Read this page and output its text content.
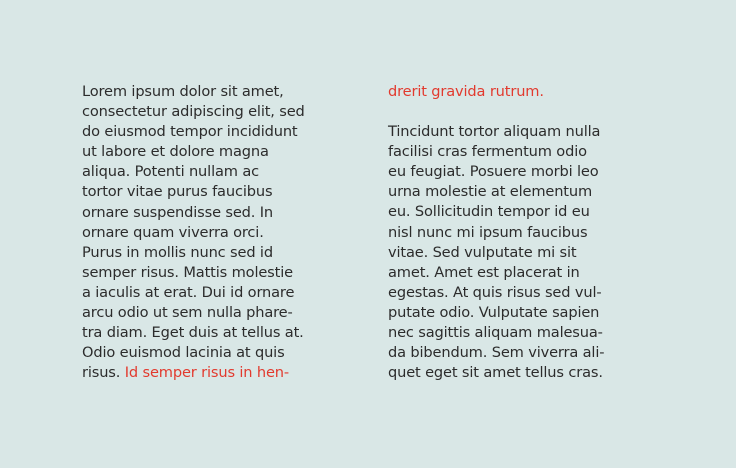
Lorem ipsum dolor sit amet,
consectetur adipiscing elit, sed
do eiusmod tempor incididunt
ut labore et dolore magna
aliqua. Potenti nullam ac
tortor vitae purus faucibus
ornare suspendisse sed. In
ornare quam viverra orci.
Purus in mollis nunc sed id
semper risus. Mattis molestie
a iaculis at erat. Dui id ornare
arcu odio ut sem nulla phare-
tra diam. Eget duis at tellus at.
Odio euismod lacinia at quis
risus. Id semper risus in hen-
drerit gravida rutrum.
Tincidunt tortor aliquam nulla
facilisi cras fermentum odio
eu feugiat. Posuere morbi leo
urna molestie at elementum
eu. Sollicitudin tempor id eu
nisl nunc mi ipsum faucibus
vitae. Sed vulputate mi sit
amet. Amet est placerat in
egestas. At quis risus sed vul-
putate odio. Vulputate sapien
nec sagittis aliquam malesua-
da bibendum. Sem viverra ali-
quet eget sit amet tellus cras.
